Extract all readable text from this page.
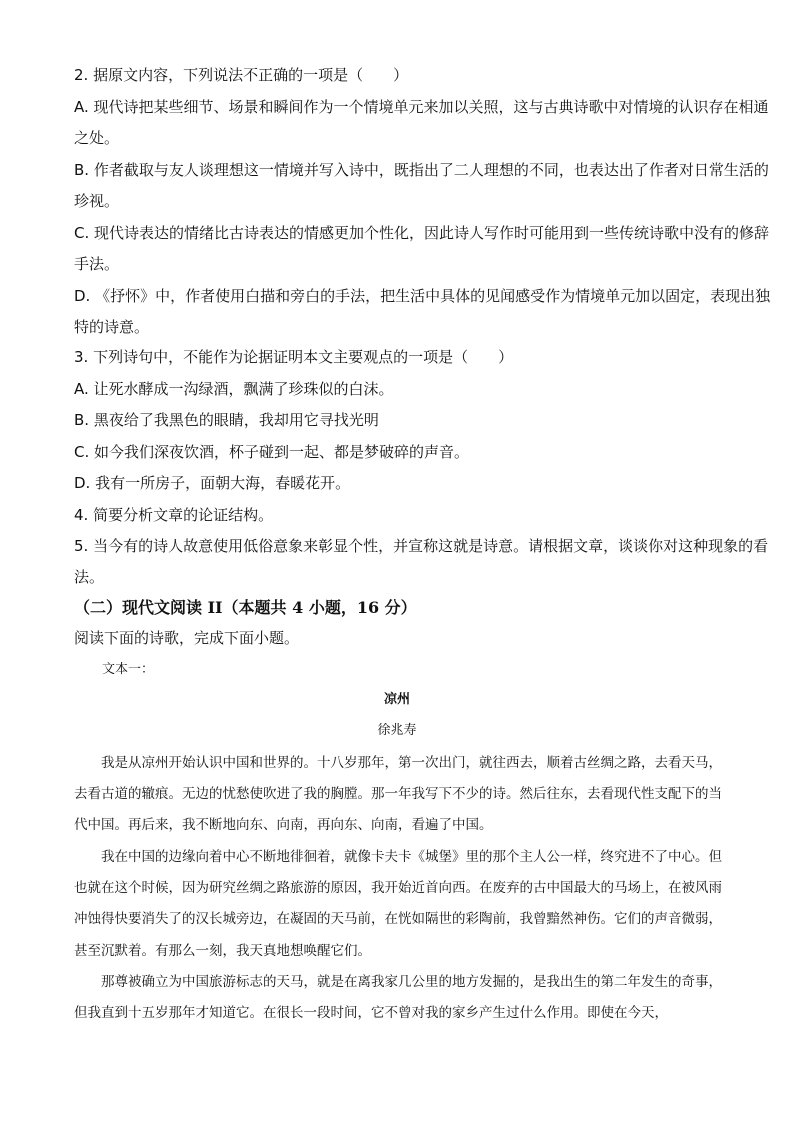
2. 据原文内容，下列说法不正确的一项是（　　）
A. 现代诗把某些细节、场景和瞬间作为一个情境单元来加以关照，这与古典诗歌中对情境的认识存在相通
之处。
B. 作者截取与友人谈理想这一情境并写入诗中，既指出了二人理想的不同，也表达出了作者对日常生活的
珍视。
C. 现代诗表达的情绪比古诗表达的情感更加个性化，因此诗人写作时可能用到一些传统诗歌中没有的修辞
手法。
D. 《抒怀》中，作者使用白描和旁白的手法，把生活中具体的见闻感受作为情境单元加以固定，表现出独
特的诗意。
3. 下列诗句中，不能作为论据证明本文主要观点的一项是（　　）
A. 让死水酵成一沟绿酒，飘满了珍珠似的白沫。
B. 黑夜给了我黑色的眼睛，我却用它寻找光明
C. 如今我们深夜饮酒，杯子碰到一起、都是梦破碎的声音。
D. 我有一所房子，面朝大海，春暖花开。
4. 简要分析文章的论证结构。
5. 当今有的诗人故意使用低俗意象来彰显个性，并宣称这就是诗意。请根据文章，谈谈你对这种现象的看
法。
（二）现代文阅读 II（本题共 4 小题，16 分）
阅读下面的诗歌，完成下面小题。
文本一：
凉州
徐兆寿
我是从凉州开始认识中国和世界的。十八岁那年，第一次出门，就往西去，顺着古丝绸之路，去看天马，去看古道的辙痕。无边的忧愁使吹进了我的胸膛。那一年我写下不少的诗。然后往东，去看现代性支配下的当代中国。再后来，我不断地向东、向南，再向东、向南，看遍了中国。
我在中国的边缘向着中心不断地徘徊着，就像卡夫卡《城堡》里的那个主人公一样，终究进不了中心。但也就在这个时候，因为研究丝绸之路旅游的原因，我开始近首向西。在废弃的古中国最大的马场上，在被风雨冲蚀得快要消失了的汉长城旁边，在凝固的天马前，在恍如隔世的彩陶前，我曾黯然神伤。它们的声音微弱，甚至沉默着。有那么一刻，我天真地想唤醒它们。
那尊被确立为中国旅游标志的天马，就是在离我家几公里的地方发掘的，是我出生的第二年发生的奇事，但我直到十五岁那年才知道它。在很长一段时间，它不曾对我的家乡产生过什么作用。即使在今天，
